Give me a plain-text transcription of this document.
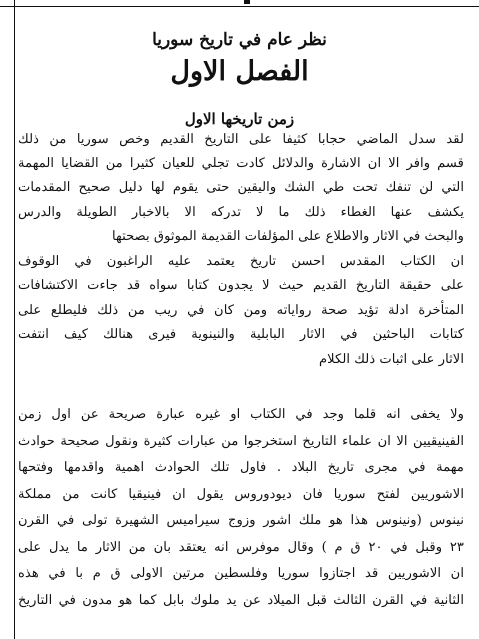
نظر عام في تاريخ سوريا
الفصل الاول
زمن تاريخها الاول
لقد سدل الماضي حجابا كثيفا على التاريخ القديم وخص سوريا من ذلك
قسم وافر الا ان الاشارة والدلائل كادت تجلي للعيان كثيرا من القضايا المهمة
التي لن تنفك تحت طي الشك واليقين حتى يقوم لها دليل صحيح المقدمات
يكشف عنها الغطاء ذلك ما لا تدركه الا بالاخبار الطويلة والدرس
والبحث في الاثار والاطلاع على المؤلفات القديمة الموثوق بصحتها
ان الكتاب المقدس احسن تاريخ يعتمد عليه الراغبون في الوقوف
على حقيقة التاريخ القديم حيث لا يجدون كتابا سواه قد جاءت الاكتشافات
المتأخرة ادلة تؤيد صحة رواياته ومن كان في ريب من ذلك فليطلع على
كتابات الباحثين في الاثار البابلية والنينوية فيرى هنالك كيف انتفت
الاثار على اثبات ذلك الكلام
ولا يخفى انه قلما وجد في الكتاب او غيره عبارة صريحة عن اول زمن
الفينيقيين الا ان علماء التاريخ استخرجوا من عبارات كثيرة ونقول صحيحة حوادث
مهمة في مجرى تاريخ البلاد . فاول تلك الحوادث اهمية واقدمها وفتحها
الاشوريين لفتح سوريا فان ديودوروس يقول ان فينيقيا كانت من مملكة
نينوس (ونينوس هذا هو ملك اشور وزوج سيراميس الشهيرة تولى في القرن
٢٣ وقبل في ٢٠ ق م ) وقال موفرس انه يعتقد بان من الاثار ما يدل على
ان الاشوريين قد اجتازوا سوريا وفلسطين مرتين الاولى ق م با في هذه
الثانية في القرن الثالث قبل الميلاد عن يد ملوك بابل كما هو مدون في التاريخ
